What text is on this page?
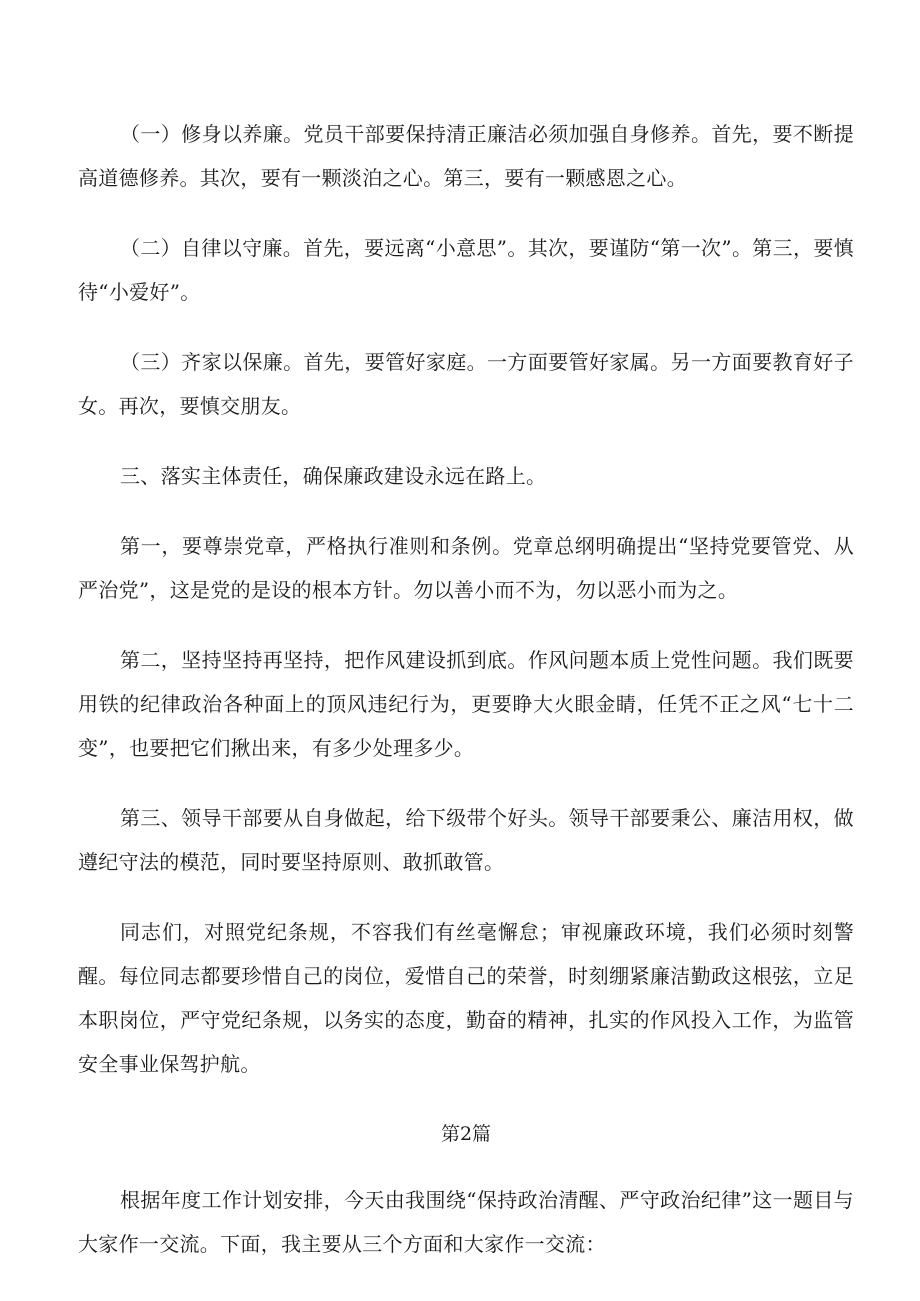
（一）修身以养廉。党员干部要保持清正廉洁必须加强自身修养。首先，要不断提高道德修养。其次，要有一颗淡泊之心。第三，要有一颗感恩之心。

（二）自律以守廉。首先，要远离“小意思”。其次，要谨防“第一次”。第三，要慎待“小爱好”。

（三）齐家以保廉。首先，要管好家庭。一方面要管好家属。另一方面要教育好子女。再次，要慎交朋友。

三、落实主体责任，确保廉政建设永远在路上。

第一，要尊崇党章，严格执行准则和条例。党章总纲明确提出“坚持党要管党、从严治党”，这是党的是设的根本方针。勿以善小而不为，勿以恶小而为之。

第二，坚持坚持再坚持，把作风建设抓到底。作风问题本质上党性问题。我们既要用铁的纪律政治各种面上的顶风违纪行为，更要睁大火眼金睛，任凭不正之风“七十二变”，也要把它们揪出来，有多少处理多少。

第三、领导干部要从自身做起，给下级带个好头。领导干部要秉公、廉洁用权，做遵纪守法的模范，同时要坚持原则、敢抓敢管。

同志们，对照党纪条规，不容我们有丝毫懈怠；审视廉政环境，我们必须时刻警醒。每位同志都要珍惜自己的岗位，爱惜自己的荣誉，时刻绷紧廉洁勤政这根弦，立足本职岗位，严守党纪条规，以务实的态度，勤奋的精神，扎实的作风投入工作，为监管安全事业保驾护航。

第2篇

根据年度工作计划安排，今天由我围绕“保持政治清醒、严守政治纪律”这一题目与大家作一交流。下面，我主要从三个方面和大家作一交流：
